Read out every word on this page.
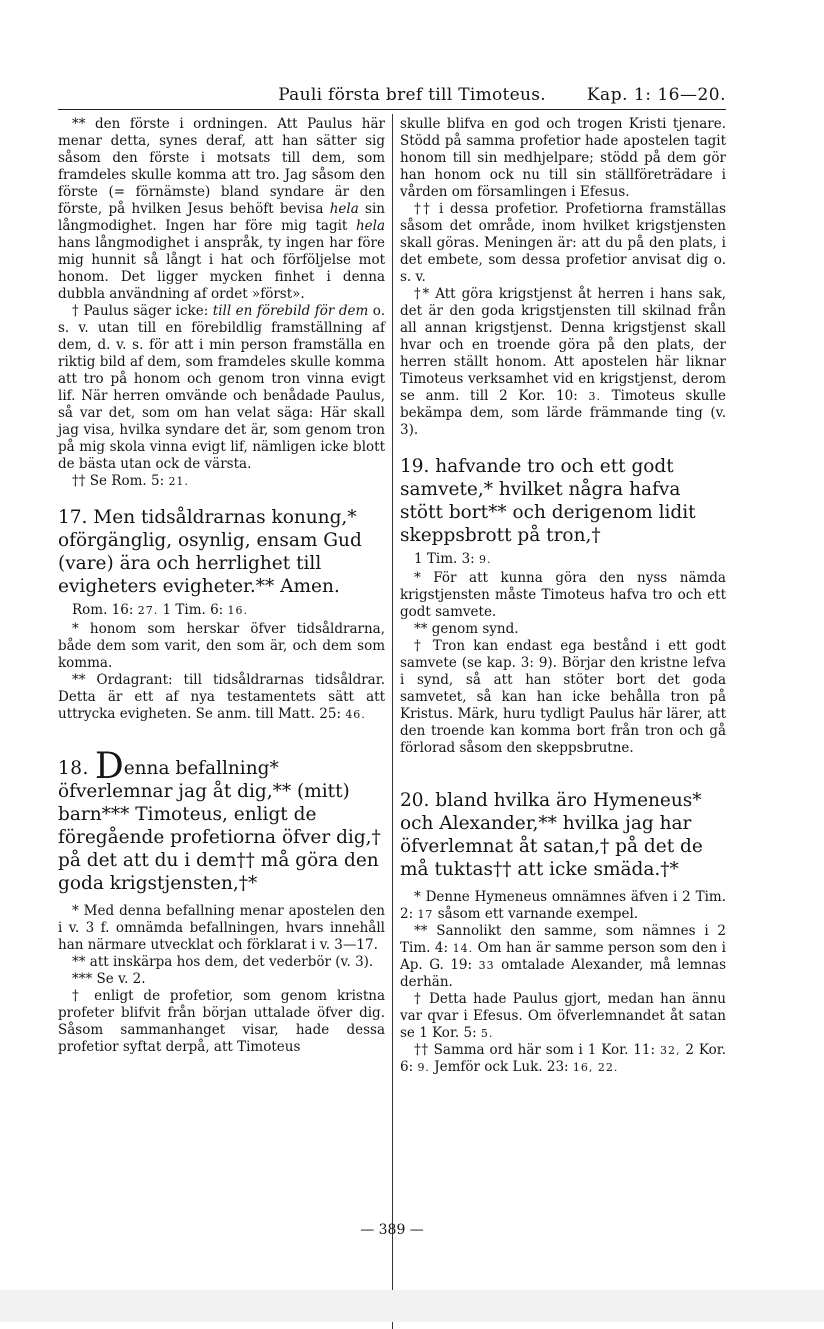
Pauli första bref till Timoteus. Kap. 1: 16—20.

** den förste i ordningen. Att Paulus här menar detta, synes deraf, att han sätter sig såsom den förste i motsats till dem, som framdeles skulle komma att tro. Jag såsom den förste (= förnämste) bland syndare är den förste, på hvilken Jesus behöft bevisa hela sin långmodighet. Ingen har före mig tagit hela hans långmodighet i anspråk, ty ingen har före mig hunnit så långt i hat och förföljelse mot honom. Det ligger mycken finhet i denna dubbla användning af ordet »först».

† Paulus säger icke: till en förebild för dem o. s. v. utan till en förebildlig framställning af dem, d. v. s. för att i min person framställa en riktig bild af dem, som framdeles skulle komma att tro på honom och genom tron vinna evigt lif. När herren omvände och benådade Paulus, så var det, som om han velat säga: Här skall jag visa, hvilka syndare det är, som genom tron på mig skola vinna evigt lif, nämligen icke blott de bästa utan ock de värsta.

†† Se Rom. 5: 21.

17. Men tidsåldrarnas konung,* oförgänglig, osynlig, ensam Gud (vare) ära och herrlighet till evigheters evigheter.** Amen.

Rom. 16: 27. 1 Tim. 6: 16.

* honom som herskar öfver tidsåldrarna, både dem som varit, den som är, och dem som komma.

** Ordagrant: till tidsåldrarnas tidsåldrar. Detta är ett af nya testamentets sätt att uttrycka evigheten. Se anm. till Matt. 25: 46.

18. Denna befallning* öfverlemnar jag åt dig,** (mitt) barn*** Timoteus, enligt de föregående profetiorna öfver dig,† på det att du i dem†† må göra den goda krigstjensten,†*

* Med denna befallning menar apostelen den i v. 3 f. omnämda befallningen, hvars innehåll han närmare utvecklat och förklarat i v. 3—17.

** att inskärpa hos dem, det vederbör (v. 3).

*** Se v. 2.

† enligt de profetior, som genom kristna profeter blifvit från början uttalade öfver dig. Såsom sammanhanget visar, hade dessa profetior syftat derpå, att Timoteus

skulle blifva en god och trogen Kristi tjenare. Stödd på samma profetior hade apostelen tagit honom till sin medhjelpare; stödd på dem gör han honom ock nu till sin ställföreträdare i vården om församlingen i Efesus.

†† i dessa profetior. Profetiorna framställas såsom det område, inom hvilket krigstjensten skall göras. Meningen är: att du på den plats, i det embete, som dessa profetior anvisat dig o. s. v.

†* Att göra krigstjenst åt herren i hans sak, det är den goda krigstjensten till skilnad från all annan krigstjenst. Denna krigstjenst skall hvar och en troende göra på den plats, der herren ställt honom. Att apostelen här liknar Timoteus verksamhet vid en krigstjenst, derom se anm. till 2 Kor. 10: 3. Timoteus skulle bekämpa dem, som lärde främmande ting (v. 3).

19. hafvande tro och ett godt samvete,* hvilket några hafva stött bort** och derigenom lidit skeppsbrott på tron,†

1 Tim. 3: 9.

* För att kunna göra den nyss nämda krigstjensten måste Timoteus hafva tro och ett godt samvete.

** genom synd.

† Tron kan endast ega bestånd i ett godt samvete (se kap. 3: 9). Börjar den kristne lefva i synd, så att han stöter bort det goda samvetet, så kan han icke behålla tron på Kristus. Märk, huru tydligt Paulus här lärer, att den troende kan komma bort från tron och gå förlorad såsom den skeppsbrutne.

20. bland hvilka äro Hymeneus* och Alexander,** hvilka jag har öfverlemnat åt satan,† på det de må tuktas†† att icke smäda.†*

* Denne Hymeneus omnämnes äfven i 2 Tim. 2: 17 såsom ett varnande exempel.

** Sannolikt den samme, som nämnes i 2 Tim. 4: 14. Om han är samme person som den i Ap. G. 19: 33 omtalade Alexander, må lemnas derhän.

† Detta hade Paulus gjort, medan han ännu var qvar i Efesus. Om öfverlemnandet åt satan se 1 Kor. 5: 5.

†† Samma ord här som i 1 Kor. 11: 32, 2 Kor. 6: 9. Jemför ock Luk. 23: 16, 22.

— 389 —
